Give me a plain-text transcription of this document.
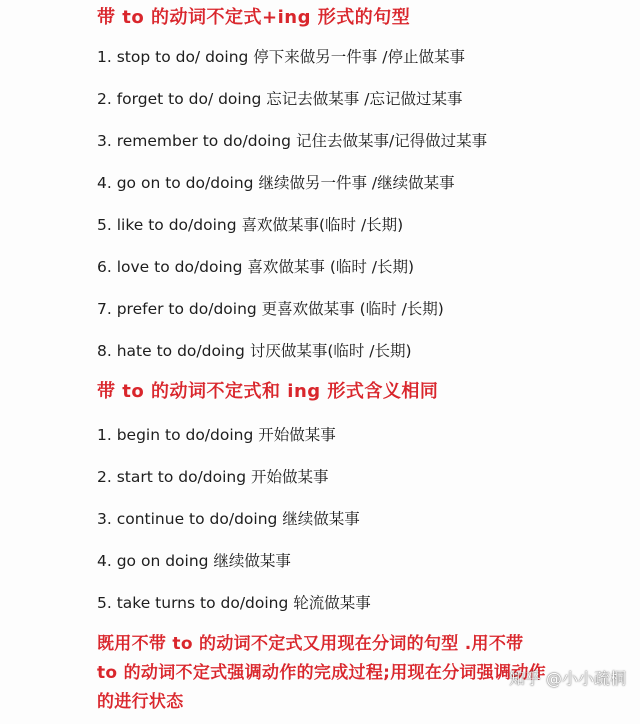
带 to 的动词不定式+ing 形式的句型
1. stop to do/ doing 停下来做另一件事 /停止做某事
2. forget to do/ doing 忘记去做某事 /忘记做过某事
3. remember to do/doing 记住去做某事/记得做过某事
4. go on to do/doing 继续做另一件事 /继续做某事
5. like to do/doing 喜欢做某事(临时 /长期)
6. love to do/doing 喜欢做某事 (临时 /长期)
7. prefer to do/doing 更喜欢做某事 (临时 /长期)
8. hate to do/doing 讨厌做某事(临时 /长期)
带 to 的动词不定式和 ing 形式含义相同
1. begin to do/doing 开始做某事
2. start to do/doing 开始做某事
3. continue to do/doing 继续做某事
4. go on doing 继续做某事
5. take turns to do/doing 轮流做某事
既用不带 to 的动词不定式又用现在分词的句型 .用不带 to 的动词不定式强调动作的完成过程;用现在分词强调动作的进行状态
知乎 @小小疏桐
